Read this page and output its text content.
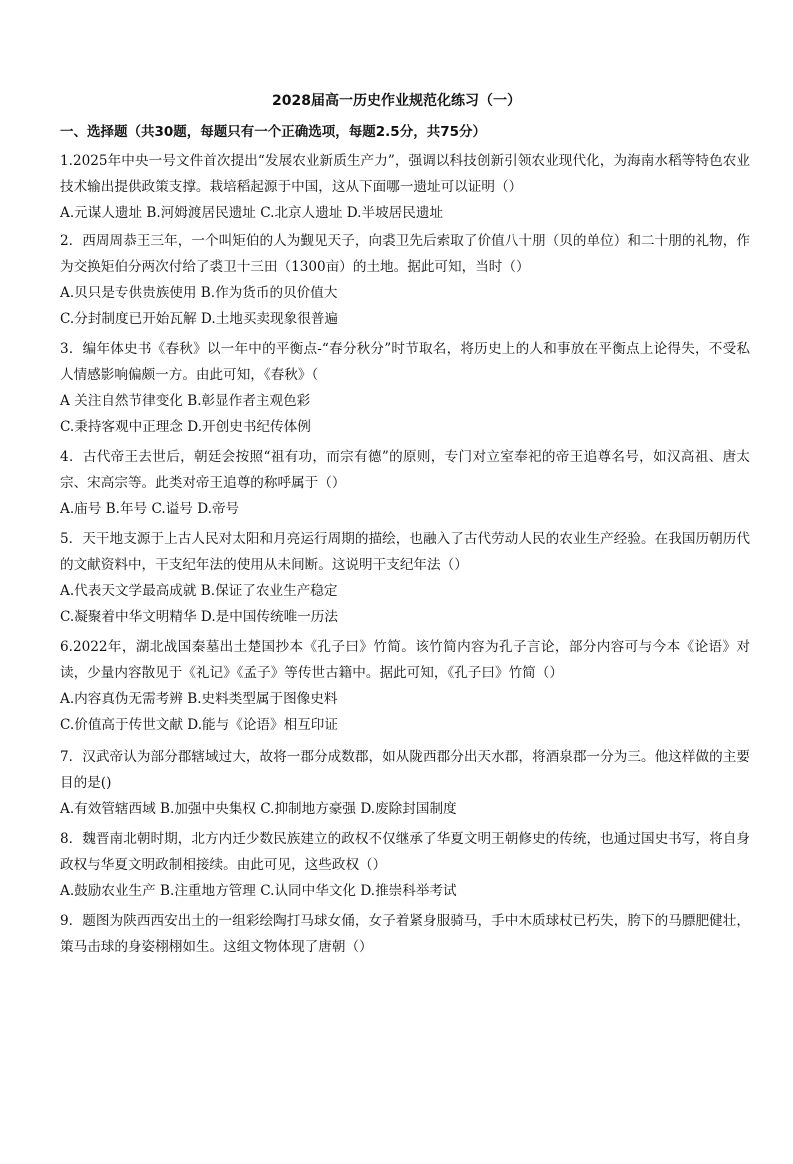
2028届高一历史作业规范化练习（一）
一、选择题（共30题，每题只有一个正确选项，每题2.5分，共75分）

1.2025年中央一号文件首次提出“发展农业新质生产力”，强调以科技创新引领农业现代化，为海南水稻等特色农业技术输出提供政策支撑。栽培稻起源于中国，这从下面哪一遗址可以证明（）

A.元谋人遗址 B.河姆渡居民遗址 C.北京人遗址 D.半坡居民遗址

2．西周周恭王三年，一个叫矩伯的人为觐见天子，向裘卫先后索取了价值八十朋（贝的单位）和二十朋的礼物，作为交换矩伯分两次付给了裘卫十三田（1300亩）的土地。据此可知，当时（）

A.贝只是专供贵族使用 B.作为货币的贝价值大

C.分封制度已开始瓦解 D.土地买卖现象很普遍

3．编年体史书《春秋》以一年中的平衡点-“春分秋分”时节取名，将历史上的人和事放在平衡点上论得失，不受私人情感影响偏颇一方。由此可知，《春秋》（

A 关注自然节律变化 B.彰显作者主观色彩

C.秉持客观中正理念 D.开创史书纪传体例

4．古代帝王去世后，朝廷会按照“祖有功，而宗有德”的原则，专门对立室奉祀的帝王追尊名号，如汉高祖、唐太宗、宋高宗等。此类对帝王追尊的称呼属于（）

A.庙号 B.年号 C.谥号 D.帝号

5．天干地支源于上古人民对太阳和月亮运行周期的描绘，也融入了古代劳动人民的农业生产经验。在我国历朝历代的文献资料中，干支纪年法的使用从未间断。这说明干支纪年法（）

A.代表天文学最高成就 B.保证了农业生产稳定

C.凝聚着中华文明精华 D.是中国传统唯一历法

6.2022年，湖北战国秦墓出土楚国抄本《孔子曰》竹简。该竹简内容为孔子言论，部分内容可与今本《论语》对读，少量内容散见于《礼记》《孟子》等传世古籍中。据此可知，《孔子曰》竹简（）

A.内容真伪无需考辨 B.史料类型属于图像史料

C.价值高于传世文献 D.能与《论语》相互印证

7．汉武帝认为部分郡辖域过大，故将一郡分成数郡，如从陇西郡分出天水郡，将酒泉郡一分为三。他这样做的主要目的是()

A.有效管辖西域 B.加强中央集权 C.抑制地方豪强 D.废除封国制度

8．魏晋南北朝时期，北方内迁少数民族建立的政权不仅继承了华夏文明王朝修史的传统，也通过国史书写，将自身政权与华夏文明政制相接续。由此可见，这些政权（）

A.鼓励农业生产 B.注重地方管理 C.认同中华文化 D.推崇科举考试

9．题图为陕西西安出土的一组彩绘陶打马球女俑，女子着紧身服骑马，手中木质球杖已朽失，胯下的马膘肥健壮，策马击球的身姿栩栩如生。这组文物体现了唐朝（）
